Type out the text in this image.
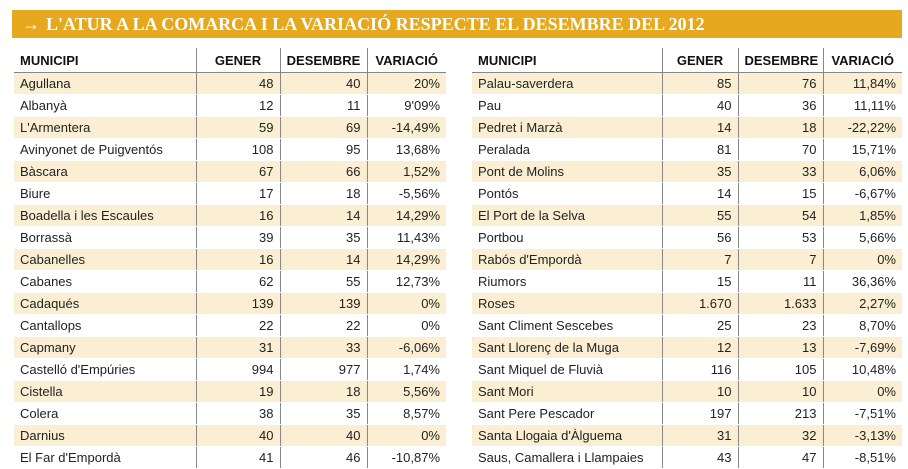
→ L'ATUR A LA COMARCA I LA VARIACIÓ RESPECTE EL DESEMBRE DEL 2012
MUNICIPI	GENER	DESEMBRE	VARIACIÓ
Agullana	48	40	20%
Albanyà	12	11	9'09%
L'Armentera	59	69	-14,49%
Avinyonet de Puigventós	108	95	13,68%
Bàscara	67	66	1,52%
Biure	17	18	-5,56%
Boadella i les Escaules	16	14	14,29%
Borrassà	39	35	11,43%
Cabanelles	16	14	14,29%
Cabanes	62	55	12,73%
Cadaqués	139	139	0%
Cantallops	22	22	0%
Capmany	31	33	-6,06%
Castelló d'Empúries	994	977	1,74%
Cistella	19	18	5,56%
Colera	38	35	8,57%
Darnius	40	40	0%
El Far d'Empordà	41	46	-10,87%
MUNICIPI	GENER	DESEMBRE	VARIACIÓ
Palau-saverdera	85	76	11,84%
Pau	40	36	11,11%
Pedret i Marzà	14	18	-22,22%
Peralada	81	70	15,71%
Pont de Molins	35	33	6,06%
Pontós	14	15	-6,67%
El Port de la Selva	55	54	1,85%
Portbou	56	53	5,66%
Rabós d'Empordà	7	7	0%
Riumors	15	11	36,36%
Roses	1.670	1.633	2,27%
Sant Climent Sescebes	25	23	8,70%
Sant Llorenç de la Muga	12	13	-7,69%
Sant Miquel de Fluvià	116	105	10,48%
Sant Mori	10	10	0%
Sant Pere Pescador	197	213	-7,51%
Santa Llogaia d'Àlguema	31	32	-3,13%
Saus, Camallera i Llampaies	43	47	-8,51%
